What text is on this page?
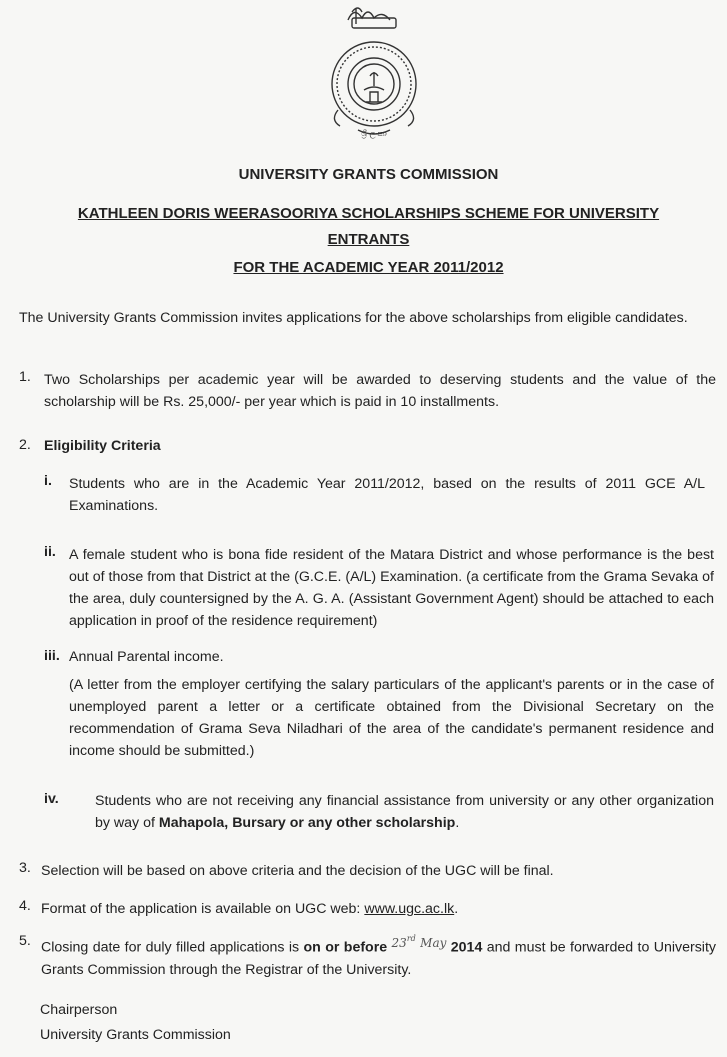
ශ්‍රී ලංකා
UNIVERSITY GRANTS COMMISSION
KATHLEEN DORIS WEERASOORIYA SCHOLARSHIPS SCHEME FOR UNIVERSITY
ENTRANTS
FOR THE ACADEMIC YEAR 2011/2012
The University Grants Commission invites applications for the above scholarships from eligible candidates.
1. Two Scholarships per academic year will be awarded to deserving students and the value of the scholarship will be Rs. 25,000/- per year which is paid in 10 installments.
2. Eligibility Criteria
i. Students who are in the Academic Year 2011/2012, based on the results of 2011 GCE A/L Examinations.
ii. A female student who is bona fide resident of the Matara District and whose performance is the best out of those from that District at the (G.C.E. (A/L) Examination. (a certificate from the Grama Sevaka of the area, duly countersigned by the A. G. A. (Assistant Government Agent) should be attached to each application in proof of the residence requirement)
iii. Annual Parental income.
(A letter from the employer certifying the salary particulars of the applicant's parents or in the case of unemployed parent a letter or a certificate obtained from the Divisional Secretary on the recommendation of Grama Seva Niladhari of the area of the candidate's permanent residence and income should be submitted.)
iv.	Students who are not receiving any financial assistance from university or any other organization by way of Mahapola, Bursary or any other scholarship.
3. Selection will be based on above criteria and the decision of the UGC will be final.
4. Format of the application is available on UGC web: www.ugc.ac.lk.
5. Closing date for duly filled applications is on or before $^{23rd}$ $^{May}$ 2014 and must be forwarded to University Grants Commission through the Registrar of the University.
Chairperson
University Grants Commission
